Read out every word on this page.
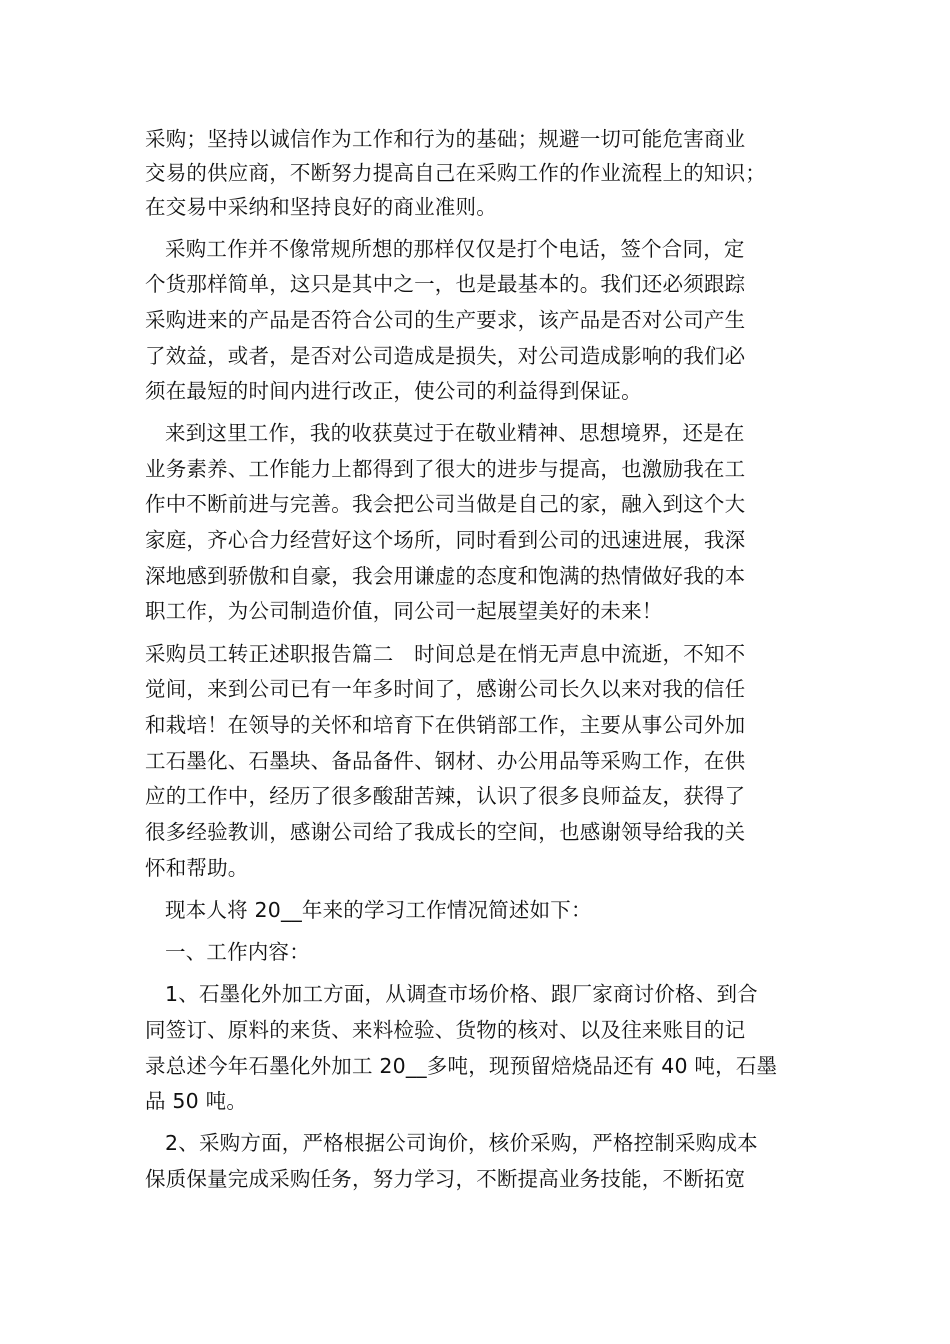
采购；坚持以诚信作为工作和行为的基础；规避一切可能危害商业
交易的供应商，不断努力提高自己在采购工作的作业流程上的知识；
在交易中采纳和坚持良好的商业准则。
采购工作并不像常规所想的那样仅仅是打个电话，签个合同，定
个货那样简单，这只是其中之一，也是最基本的。我们还必须跟踪
采购进来的产品是否符合公司的生产要求，该产品是否对公司产生
了效益，或者，是否对公司造成是损失，对公司造成影响的我们必
须在最短的时间内进行改正，使公司的利益得到保证。
来到这里工作，我的收获莫过于在敬业精神、思想境界，还是在
业务素养、工作能力上都得到了很大的进步与提高，也激励我在工
作中不断前进与完善。我会把公司当做是自己的家，融入到这个大
家庭，齐心合力经营好这个场所，同时看到公司的迅速进展，我深
深地感到骄傲和自豪，我会用谦虚的态度和饱满的热情做好我的本
职工作，为公司制造价值，同公司一起展望美好的未来！
采购员工转正述职报告篇二　时间总是在悄无声息中流逝，不知不
觉间，来到公司已有一年多时间了，感谢公司长久以来对我的信任
和栽培！在领导的关怀和培育下在供销部工作，主要从事公司外加
工石墨化、石墨块、备品备件、钢材、办公用品等采购工作，在供
应的工作中，经历了很多酸甜苦辣，认识了很多良师益友，获得了
很多经验教训，感谢公司给了我成长的空间，也感谢领导给我的关
怀和帮助。
现本人将 20__年来的学习工作情况简述如下：
一、工作内容：
1、石墨化外加工方面，从调查市场价格、跟厂家商讨价格、到合
同签订、原料的来货、来料检验、货物的核对、以及往来账目的记
录总述今年石墨化外加工 20__多吨，现预留焙烧品还有 40 吨，石墨
品 50 吨。
2、采购方面，严格根据公司询价，核价采购，严格控制采购成本
保质保量完成采购任务，努力学习，不断提高业务技能，不断拓宽
